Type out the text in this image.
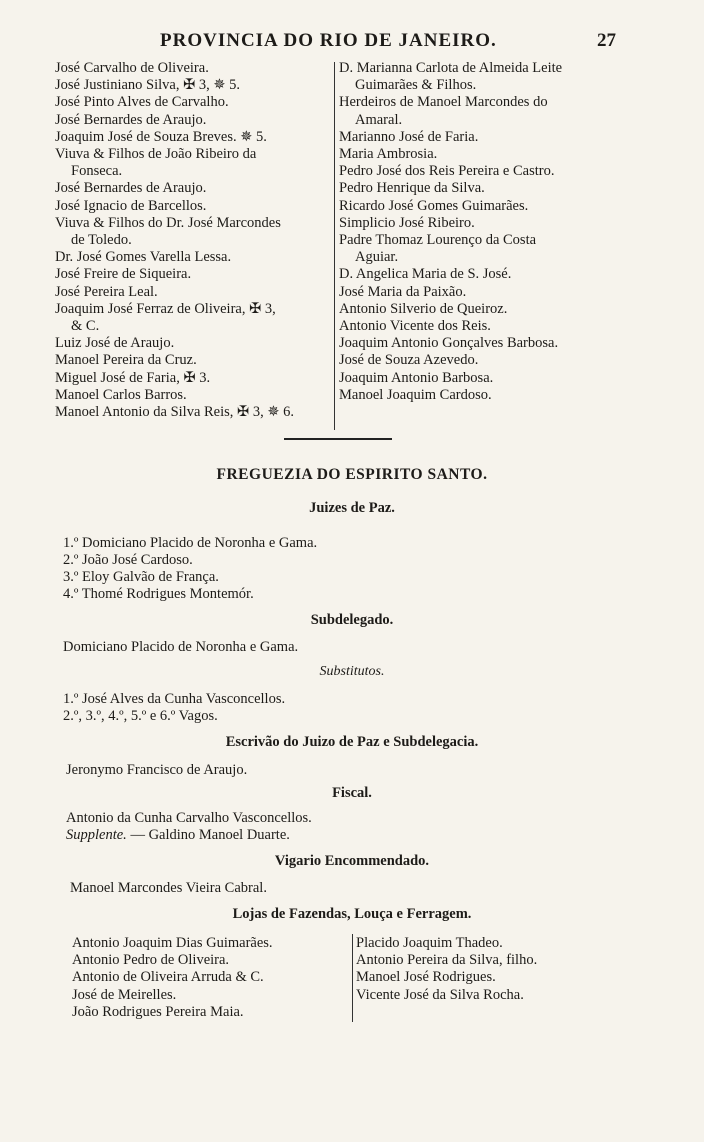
PROVINCIA DO RIO DE JANEIRO.	27
José Carvalho de Oliveira.
José Justiniano Silva, ✠ 3, ✵ 5.
José Pinto Alves de Carvalho.
José Bernardes de Araujo.
Joaquim José de Souza Breves. ✵ 5.
Viuva & Filhos de João Ribeiro da
Fonseca.
José Bernardes de Araujo.
José Ignacio de Barcellos.
Viuva & Filhos do Dr. José Marcondes
de Toledo.
Dr. José Gomes Varella Lessa.
José Freire de Siqueira.
José Pereira Leal.
Joaquim José Ferraz de Oliveira, ✠ 3,
& C.
Luiz José de Araujo.
Manoel Pereira da Cruz.
Miguel José de Faria, ✠ 3.
Manoel Carlos Barros.
Manoel Antonio da Silva Reis, ✠ 3, ✵ 6.
D. Marianna Carlota de Almeida Leite
Guimarães & Filhos.
Herdeiros de Manoel Marcondes do
Amaral.
Marianno José de Faria.
Maria Ambrosia.
Pedro José dos Reis Pereira e Castro.
Pedro Henrique da Silva.
Ricardo José Gomes Guimarães.
Simplicio José Ribeiro.
Padre Thomaz Lourenço da Costa
Aguiar.
D. Angelica Maria de S. José.
José Maria da Paixão.
Antonio Silverio de Queiroz.
Antonio Vicente dos Reis.
Joaquim Antonio Gonçalves Barbosa.
José de Souza Azevedo.
Joaquim Antonio Barbosa.
Manoel Joaquim Cardoso.
FREGUEZIA DO ESPIRITO SANTO.
Juizes de Paz.
1.º Domiciano Placido de Noronha e Gama.
2.º João José Cardoso.
3.º Eloy Galvão de França.
4.º Thomé Rodrigues Montemór.
Subdelegado.
Domiciano Placido de Noronha e Gama.
Substitutos.
1.º José Alves da Cunha Vasconcellos.
2.º, 3.º, 4.º, 5.º e 6.º Vagos.
Escrivão do Juizo de Paz e Subdelegacia.
Jeronymo Francisco de Araujo.
Fiscal.
Antonio da Cunha Carvalho Vasconcellos.
Supplente. — Galdino Manoel Duarte.
Vigario Encommendado.
Manoel Marcondes Vieira Cabral.
Lojas de Fazendas, Louça e Ferragem.
Antonio Joaquim Dias Guimarães.
Antonio Pedro de Oliveira.
Antonio de Oliveira Arruda & C.
José de Meirelles.
João Rodrigues Pereira Maia.
Placido Joaquim Thadeo.
Antonio Pereira da Silva, filho.
Manoel José Rodrigues.
Vicente José da Silva Rocha.
